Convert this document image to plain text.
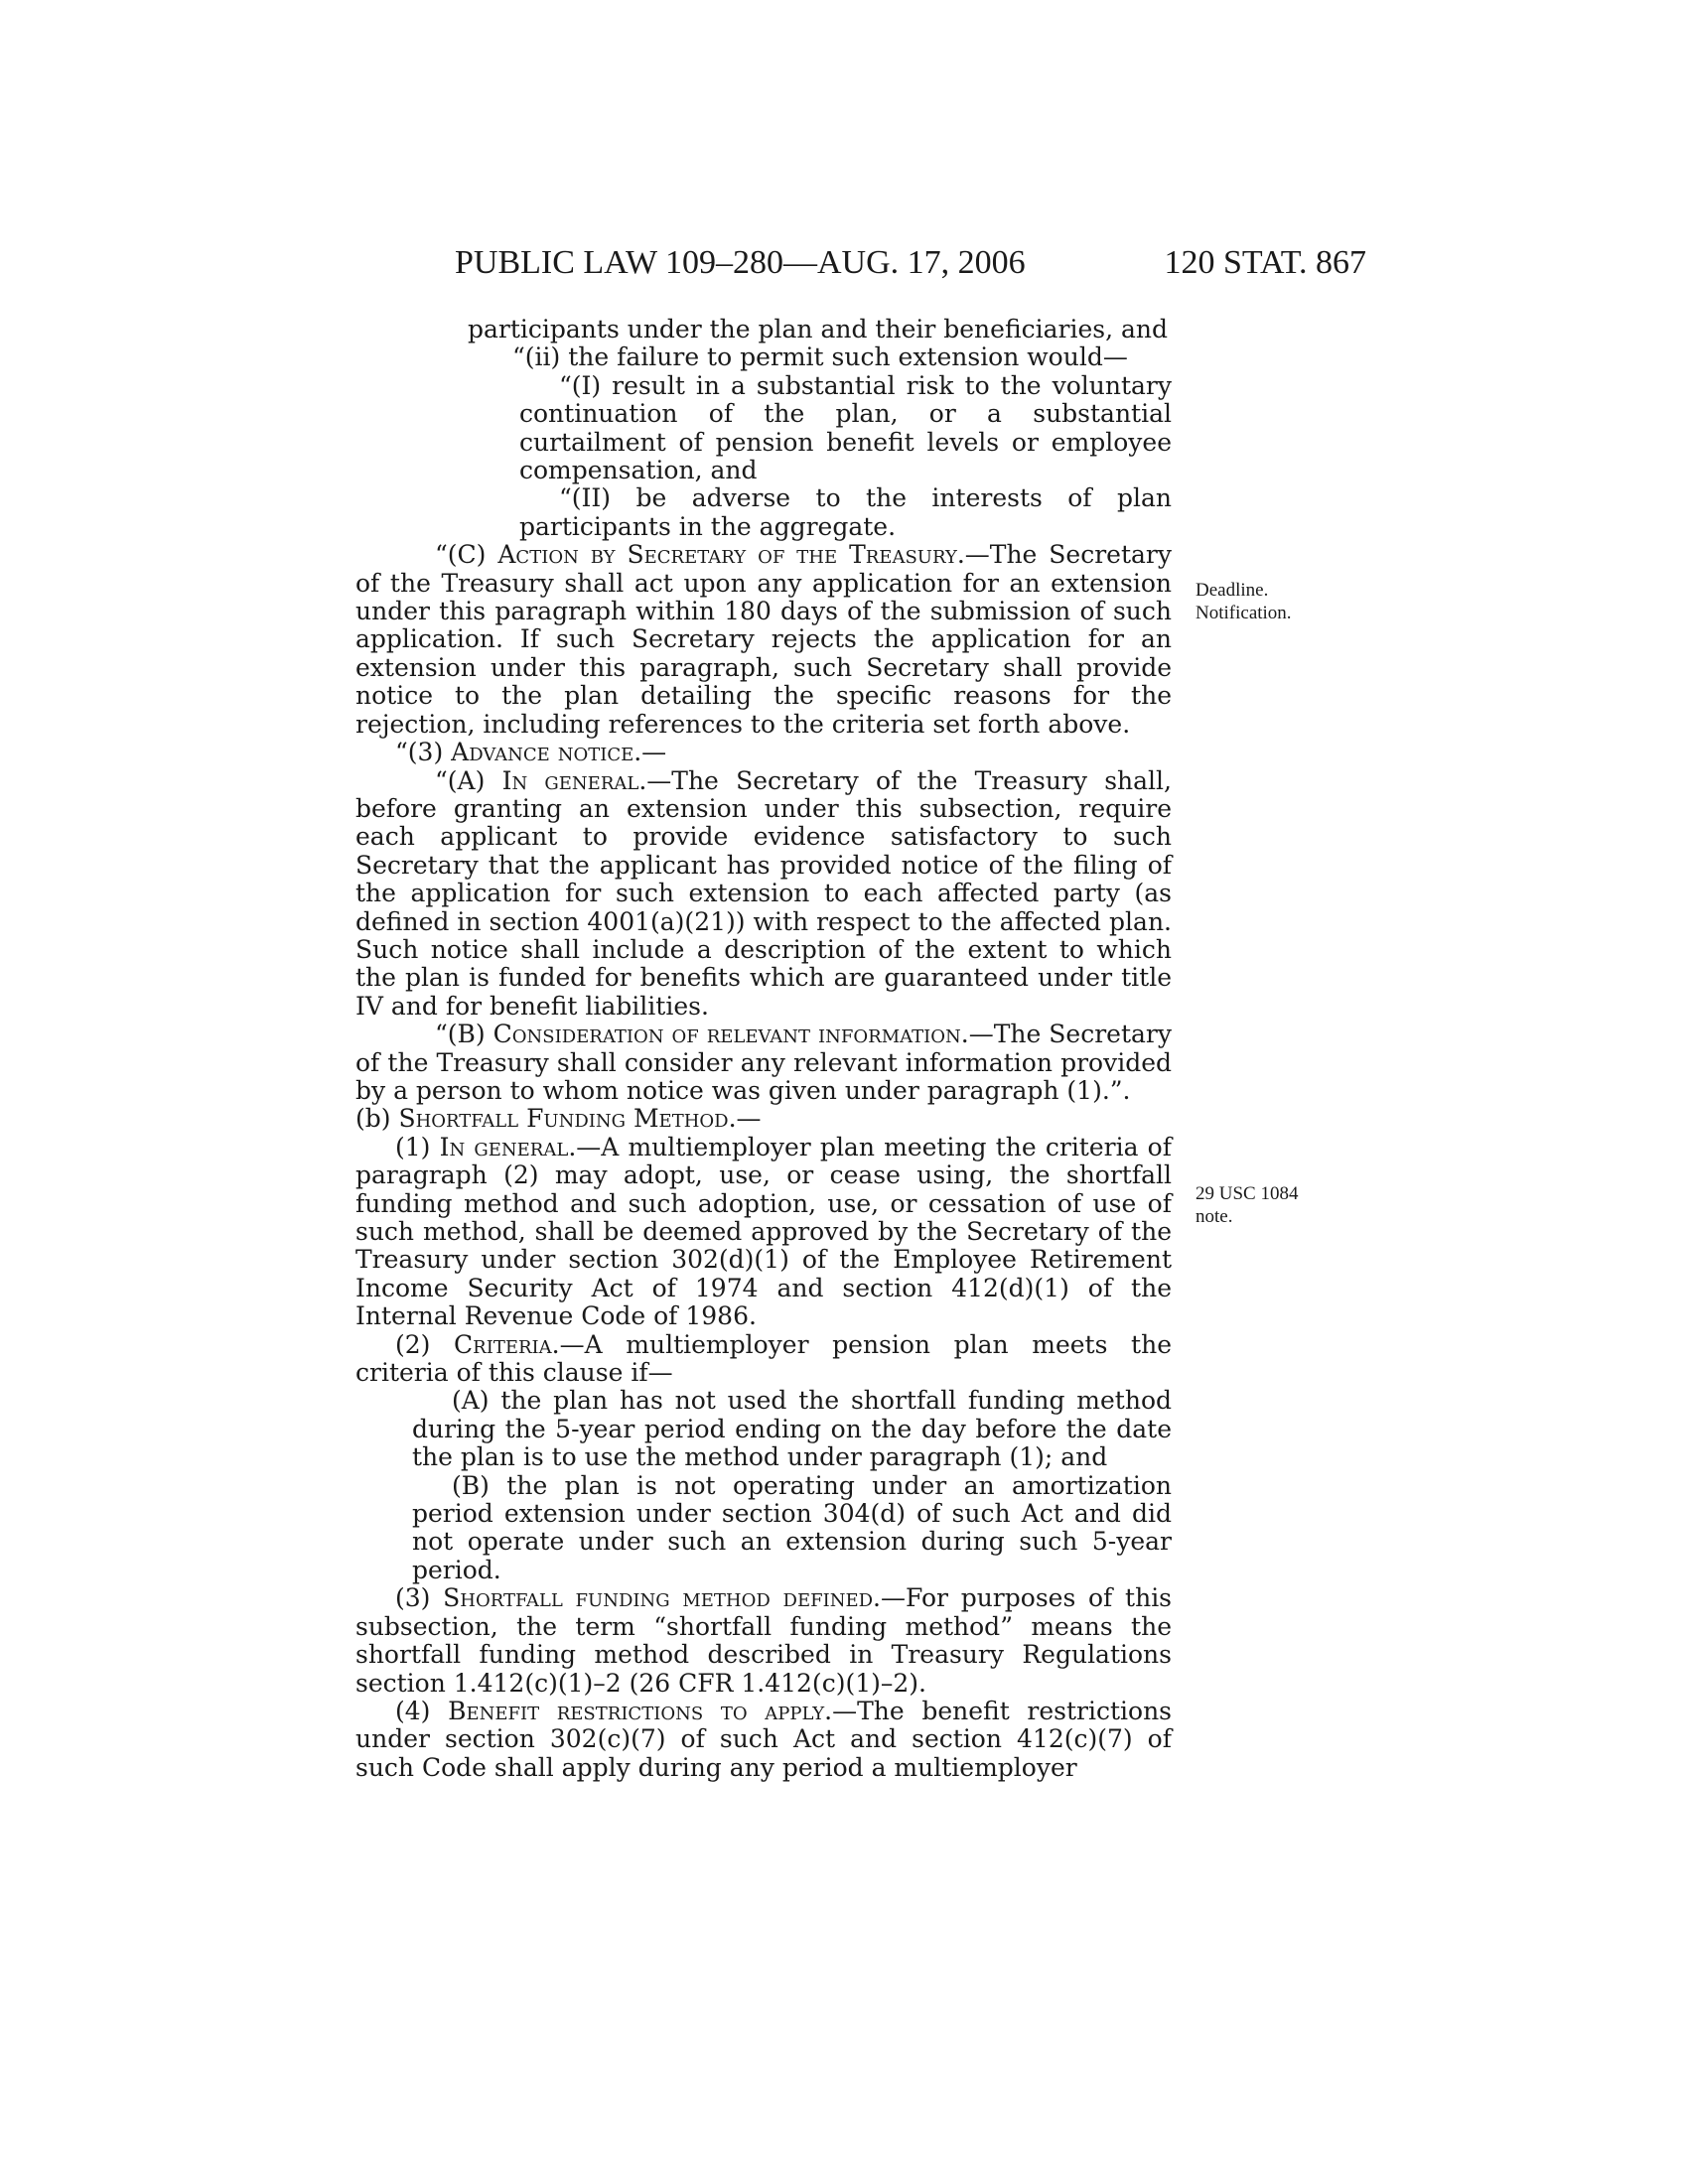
PUBLIC LAW 109–280—AUG. 17, 2006	120 STAT. 867
Deadline.
Notification.
29 USC 1084
note.

participants under the plan and their beneficiaries, and

“(ii) the failure to permit such extension would—

“(I) result in a substantial risk to the voluntary continuation of the plan, or a substantial curtailment of pension benefit levels or employee compensation, and

“(II) be adverse to the interests of plan participants in the aggregate.

“(C) Action by Secretary of the Treasury.—The Secretary of the Treasury shall act upon any application for an extension under this paragraph within 180 days of the submission of such application. If such Secretary rejects the application for an extension under this paragraph, such Secretary shall provide notice to the plan detailing the specific reasons for the rejection, including references to the criteria set forth above.

“(3) Advance notice.—

“(A) In general.—The Secretary of the Treasury shall, before granting an extension under this subsection, require each applicant to provide evidence satisfactory to such Secretary that the applicant has provided notice of the filing of the application for such extension to each affected party (as defined in section 4001(a)(21)) with respect to the affected plan. Such notice shall include a description of the extent to which the plan is funded for benefits which are guaranteed under title IV and for benefit liabilities.

“(B) Consideration of relevant information.—The Secretary of the Treasury shall consider any relevant information provided by a person to whom notice was given under paragraph (1).”.

(b) Shortfall Funding Method.—

(1) In general.—A multiemployer plan meeting the criteria of paragraph (2) may adopt, use, or cease using, the shortfall funding method and such adoption, use, or cessation of use of such method, shall be deemed approved by the Secretary of the Treasury under section 302(d)(1) of the Employee Retirement Income Security Act of 1974 and section 412(d)(1) of the Internal Revenue Code of 1986.

(2) Criteria.—A multiemployer pension plan meets the criteria of this clause if—

(A) the plan has not used the shortfall funding method during the 5-year period ending on the day before the date the plan is to use the method under paragraph (1); and

(B) the plan is not operating under an amortization period extension under section 304(d) of such Act and did not operate under such an extension during such 5-year period.

(3) Shortfall funding method defined.—For purposes of this subsection, the term “shortfall funding method” means the shortfall funding method described in Treasury Regulations section 1.412(c)(1)–2 (26 CFR 1.412(c)(1)–2).

(4) Benefit restrictions to apply.—The benefit restrictions under section 302(c)(7) of such Act and section 412(c)(7) of such Code shall apply during any period a multiemployer
